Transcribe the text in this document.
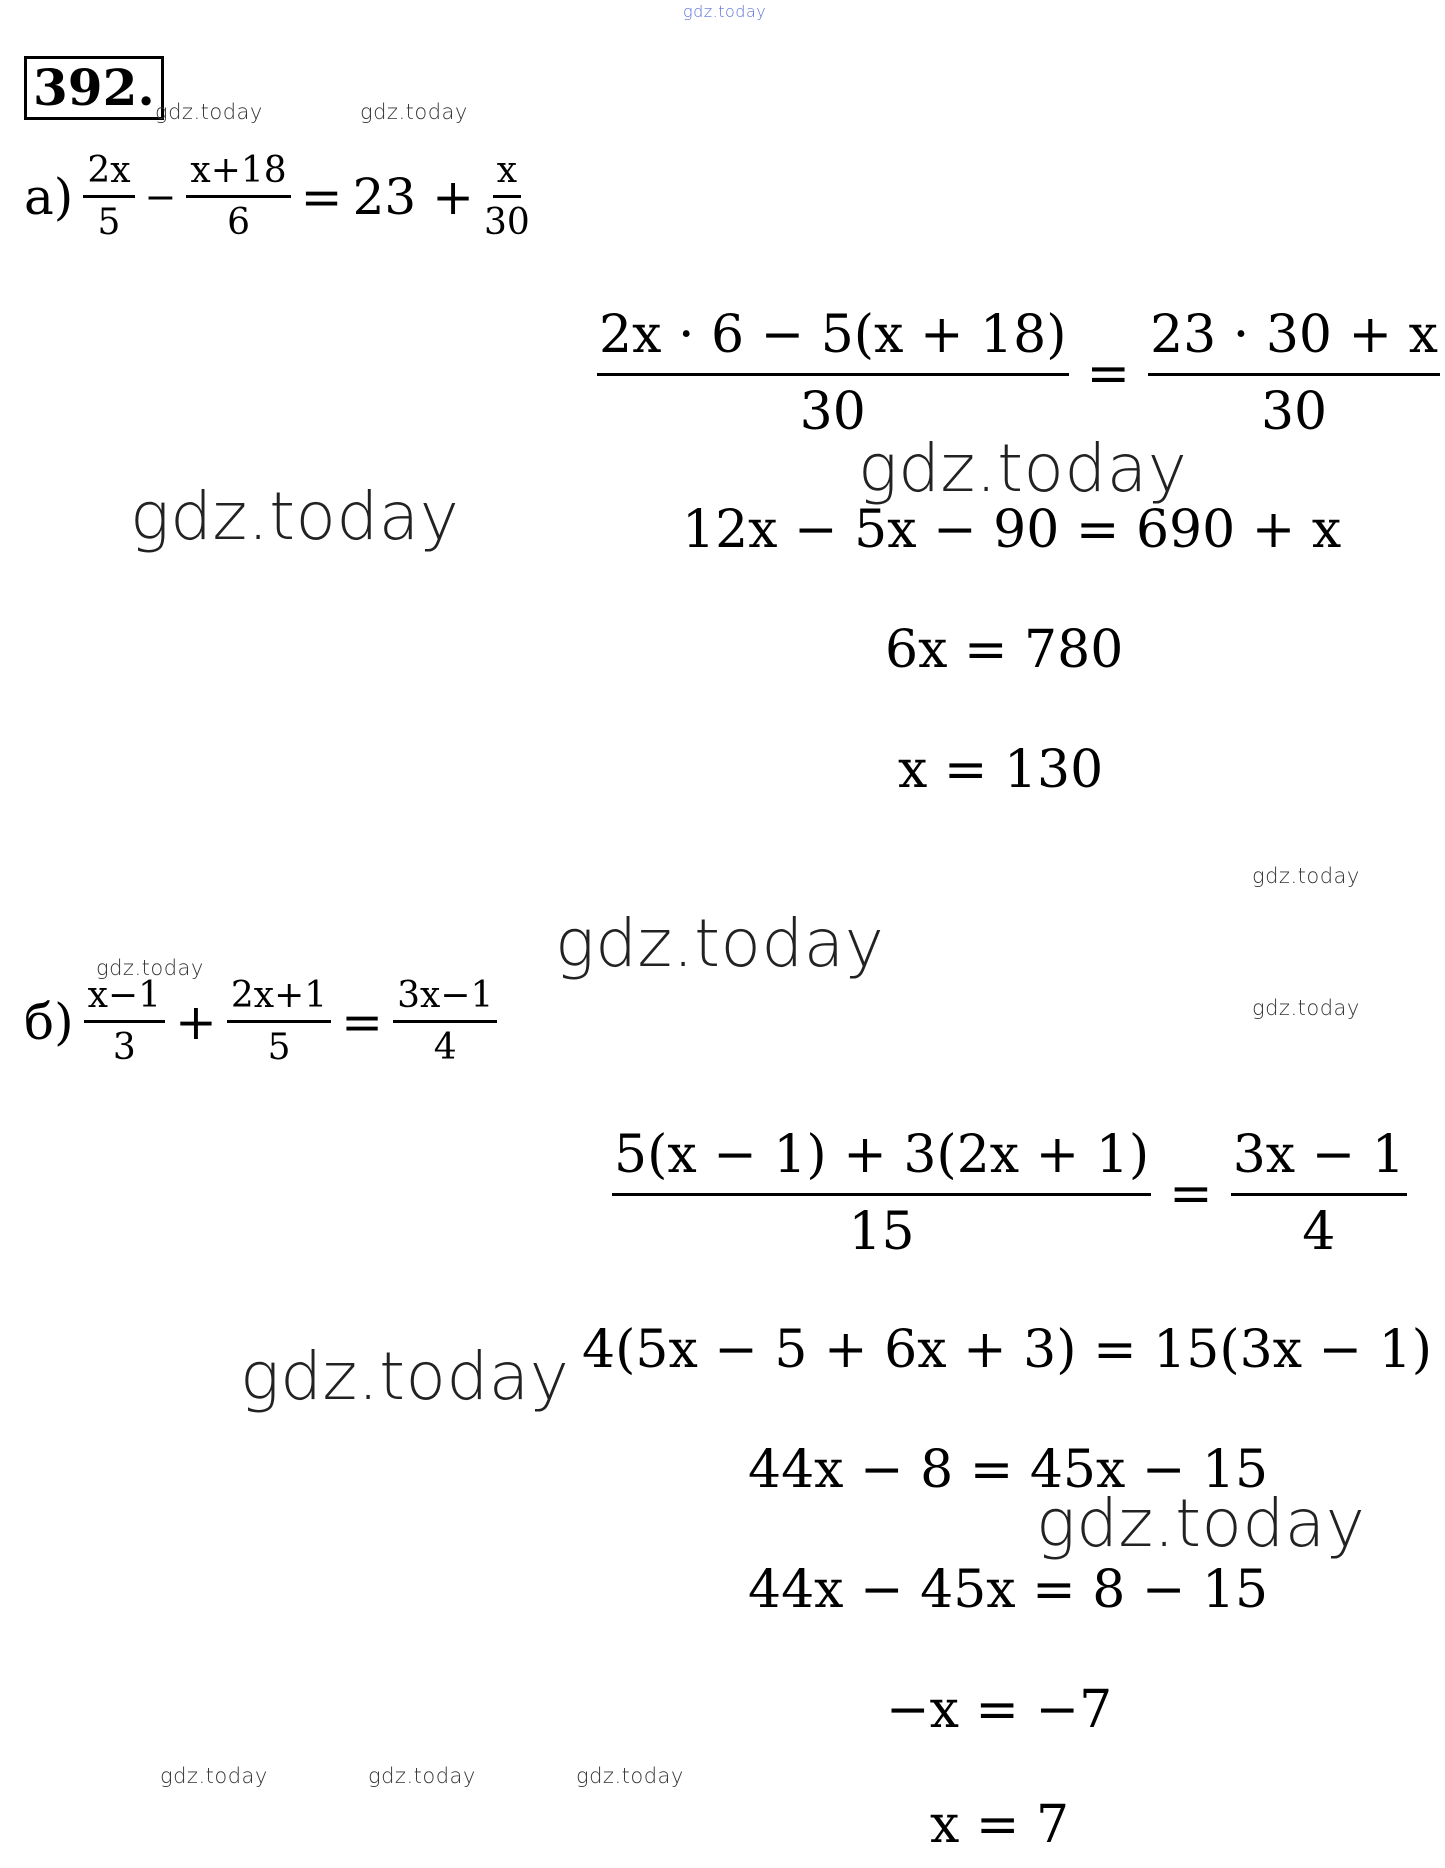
gdz.today
392. gdz.today	gdz.today
$а) \frac{2x}{5} - \frac{x+18}{6} = 23 + \frac{x}{30}$
$\frac{2x \cdot 6 - 5(x + 18)}{30} = \frac{23 \cdot 30 + x}{30}$
gdz.today
gdz.today	12x − 5x − 90 = 690 + x
6x = 780
x = 130
gdz.today
gdz.today
gdz.today
gdz.today
$б) \frac{x-1}{3} + \frac{2x+1}{5} = \frac{3x-1}{4}$
$\frac{5(x - 1) + 3(2x + 1)}{15} = \frac{3x - 1}{4}$
gdz.today 4(5x − 5 + 6x + 3) = 15(3x − 1)
44x − 8 = 45x − 15
gdz.today
44x − 45x = 8 − 15
−x = −7
gdz.today	gdz.today	gdz.today
x = 7
